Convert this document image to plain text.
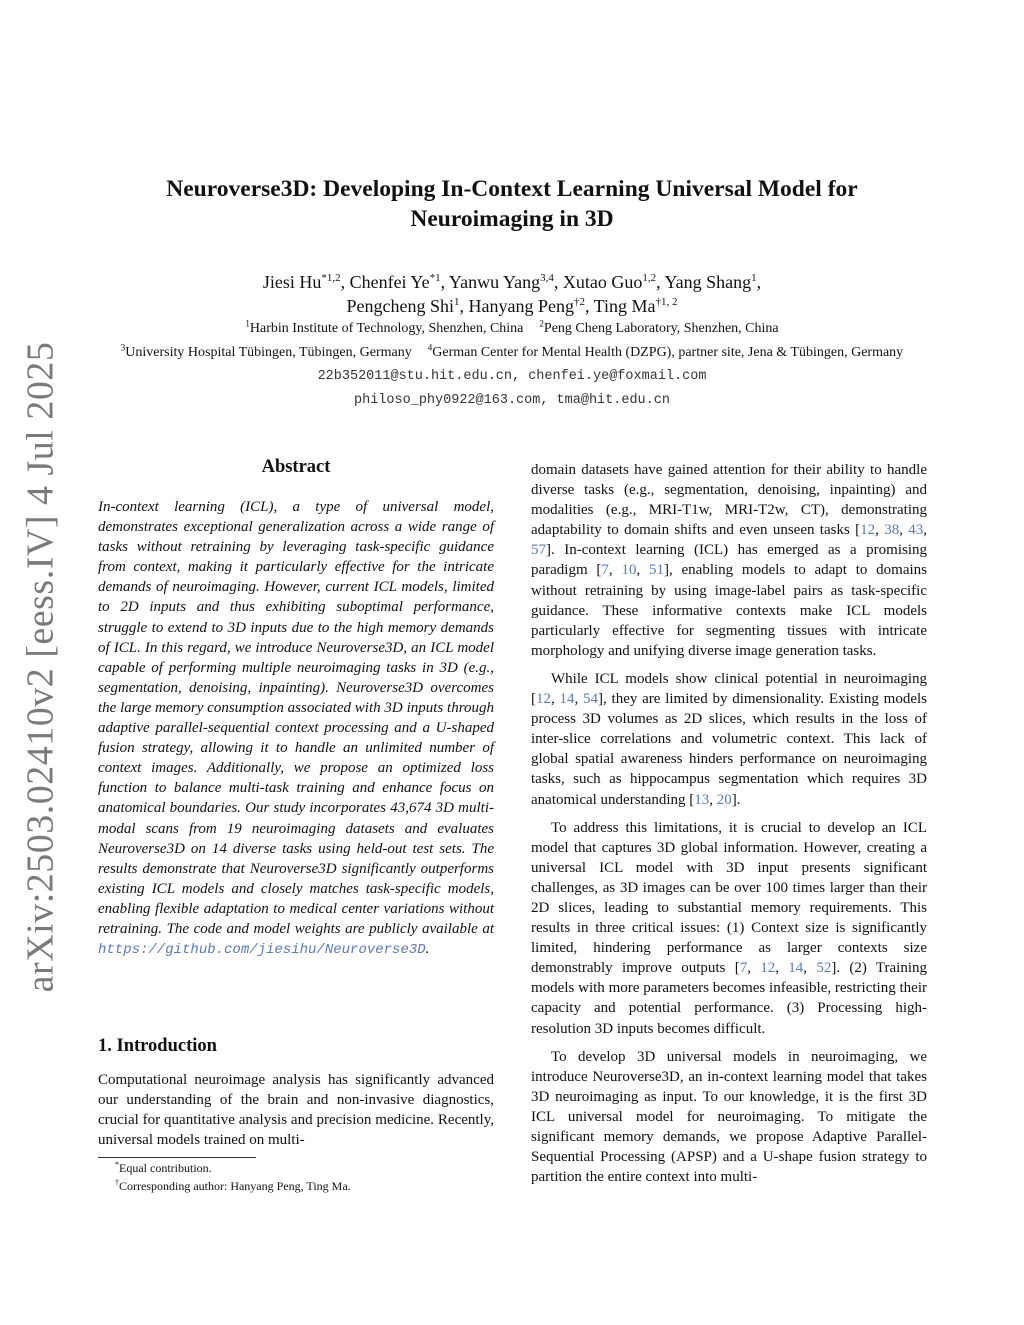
arXiv:2503.02410v2 [eess.IV] 4 Jul 2025
Neuroverse3D: Developing In-Context Learning Universal Model for
Neuroimaging in 3D
Jiesi Hu$^{*1,2}$, Chenfei Ye$^{*1}$, Yanwu Yang$^{3,4}$, Xutao Guo$^{1,2}$, Yang Shang$^1$,
Pengcheng Shi$^1$, Hanyang Peng$^{\dagger 2}$, Ting Ma$^{\dagger 1, 2}$
$^1$Harbin Institute of Technology, Shenzhen, China $^2$Peng Cheng Laboratory, Shenzhen, China
$^3$University Hospital Tübingen, Tübingen, Germany $^4$German Center for Mental Health (DZPG), partner site, Jena & Tübingen, Germany
22b352011@stu.hit.edu.cn, chenfei.ye@foxmail.com
philoso_phy0922@163.com, tma@hit.edu.cn
Abstract
In-context learning (ICL), a type of universal model, demonstrates exceptional generalization across a wide range of tasks without retraining by leveraging task-specific guidance from context, making it particularly effective for the intricate demands of neuroimaging. However, current ICL models, limited to 2D inputs and thus exhibiting suboptimal performance, struggle to extend to 3D inputs due to the high memory demands of ICL. In this regard, we introduce Neuroverse3D, an ICL model capable of performing multiple neuroimaging tasks in 3D (e.g., segmentation, denoising, inpainting). Neuroverse3D overcomes the large memory consumption associated with 3D inputs through adaptive parallel-sequential context processing and a U-shaped fusion strategy, allowing it to handle an unlimited number of context images. Additionally, we propose an optimized loss function to balance multi-task training and enhance focus on anatomical boundaries. Our study incorporates 43,674 3D multi-modal scans from 19 neuroimaging datasets and evaluates Neuroverse3D on 14 diverse tasks using held-out test sets. The results demonstrate that Neuroverse3D significantly outperforms existing ICL models and closely matches task-specific models, enabling flexible adaptation to medical center variations without retraining. The code and model weights are publicly available at https://github.com/jiesihu/Neuroverse3D.
1. Introduction
Computational neuroimage analysis has significantly advanced our understanding of the brain and non-invasive diagnostics, crucial for quantitative analysis and precision medicine. Recently, universal models trained on multi-
*Equal contribution.
†Corresponding author: Hanyang Peng, Ting Ma.

domain datasets have gained attention for their ability to handle diverse tasks (e.g., segmentation, denoising, inpainting) and modalities (e.g., MRI-T1w, MRI-T2w, CT), demonstrating adaptability to domain shifts and even unseen tasks [12, 38, 43, 57]. In-context learning (ICL) has emerged as a promising paradigm [7, 10, 51], enabling models to adapt to domains without retraining by using image-label pairs as task-specific guidance. These informative contexts make ICL models particularly effective for segmenting tissues with intricate morphology and unifying diverse image generation tasks.

While ICL models show clinical potential in neuroimaging [12, 14, 54], they are limited by dimensionality. Existing models process 3D volumes as 2D slices, which results in the loss of inter-slice correlations and volumetric context. This lack of global spatial awareness hinders performance on neuroimaging tasks, such as hippocampus segmentation which requires 3D anatomical understanding [13, 20].

To address this limitations, it is crucial to develop an ICL model that captures 3D global information. However, creating a universal ICL model with 3D input presents significant challenges, as 3D images can be over 100 times larger than their 2D slices, leading to substantial memory requirements. This results in three critical issues: (1) Context size is significantly limited, hindering performance as larger contexts size demonstrably improve outputs [7, 12, 14, 52]. (2) Training models with more parameters becomes infeasible, restricting their capacity and potential performance. (3) Processing high-resolution 3D inputs becomes difficult.

To develop 3D universal models in neuroimaging, we introduce Neuroverse3D, an in-context learning model that takes 3D neuroimaging as input. To our knowledge, it is the first 3D ICL universal model for neuroimaging. To mitigate the significant memory demands, we propose Adaptive Parallel-Sequential Processing (APSP) and a U-shape fusion strategy to partition the entire context into multi-
